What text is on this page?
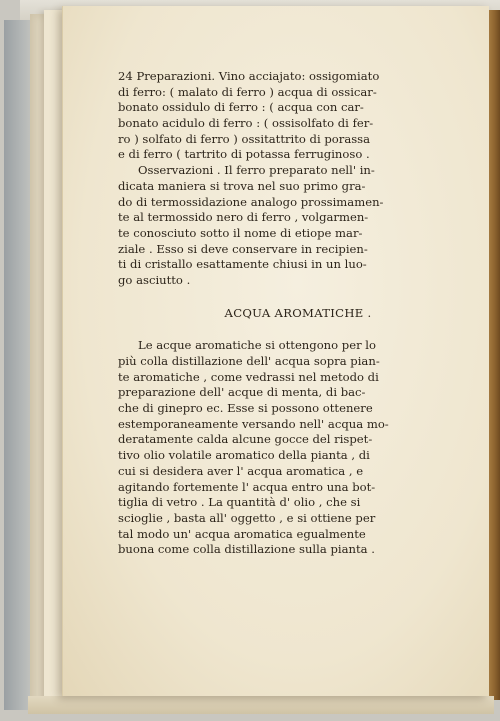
24 Preparazioni. Vino acciajato: ossigomiato
di ferro: ( malato di ferro ) acqua di ossicar-
bonato ossidulo di ferro : ( acqua con car-
bonato acidulo di ferro : ( ossisolfato di fer-
ro ) solfato di ferro ) ossitattrito di porassa
e di ferro ( tartrito di potassa ferruginoso .
Osservazioni . Il ferro preparato nell' in-
dicata maniera si trova nel suo primo gra-
do di termossidazione analogo prossimamen-
te al termossido nero di ferro , volgarmen-
te conosciuto sotto il nome di etiope mar-
ziale . Esso si deve conservare in recipien-
ti di cristallo esattamente chiusi in un luo-
go asciutto .
ACQUA AROMATICHE .
Le acque aromatiche si ottengono per lo
più colla distillazione dell' acqua sopra pian-
te aromatiche , come vedrassi nel metodo di
preparazione dell' acque di menta, di bac-
che di ginepro ec. Esse si possono ottenere
estemporaneamente versando nell' acqua mo-
deratamente calda alcune gocce del rispet-
tivo olio volatile aromatico della pianta , di
cui si desidera aver l' acqua aromatica , e
agitando fortemente l' acqua entro una bot-
tiglia di vetro . La quantità d' olio , che si
scioglie , basta all' oggetto , e si ottiene per
tal modo un' acqua aromatica egualmente
buona come colla distillazione sulla pianta .
